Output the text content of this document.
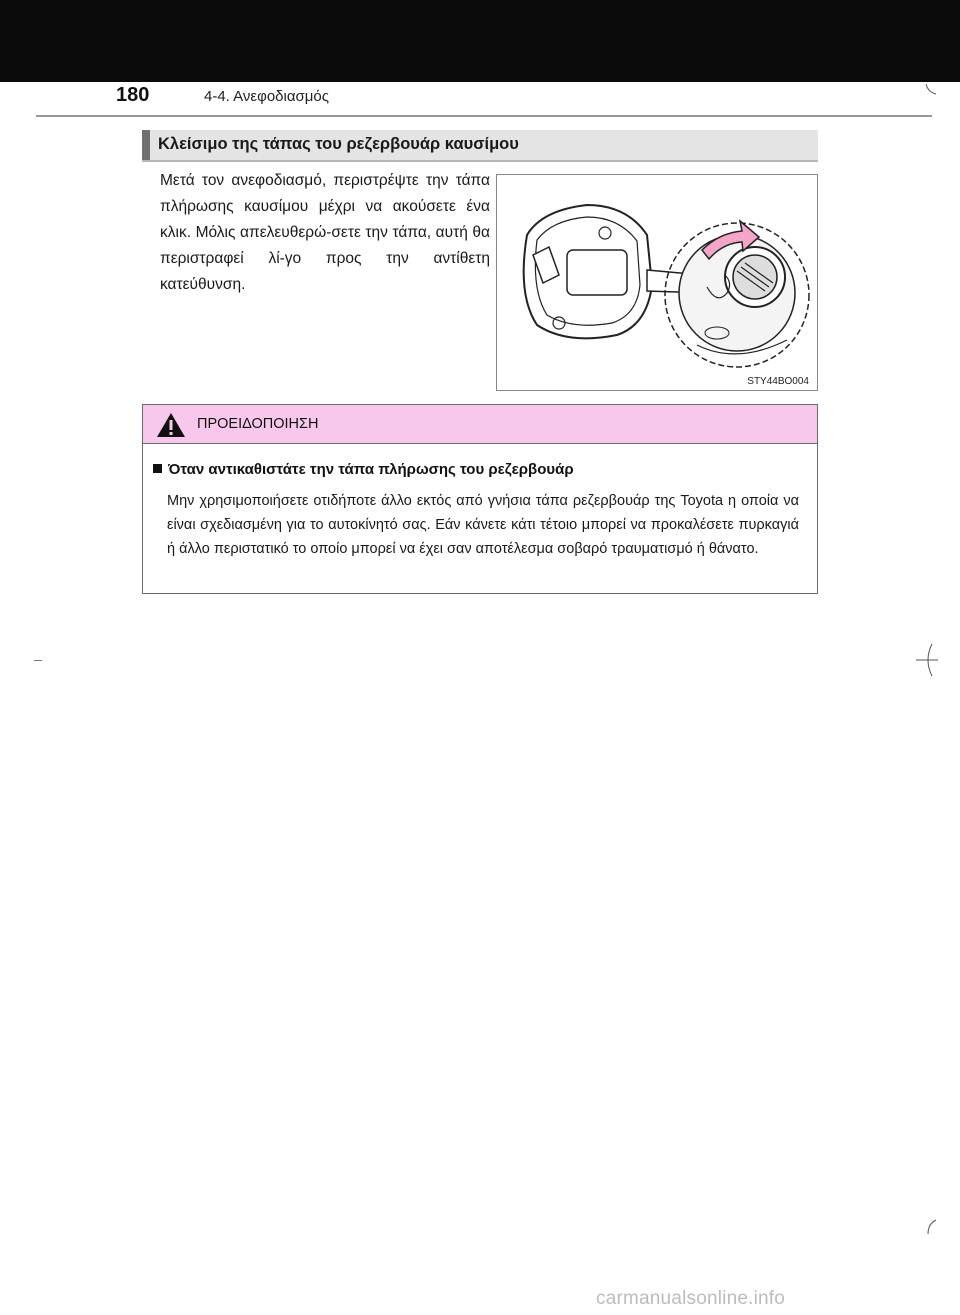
180	4-4. Ανεφοδιασμός
Κλείσιμο της τάπας του ρεζερβουάρ καυσίμου
Μετά τον ανεφοδιασμό, περιστρέψτε την τάπα πλήρωσης καυσίμου μέχρι να ακούσετε ένα κλικ. Μόλις απελευθερώ-σετε την τάπα, αυτή θα περιστραφεί λί-γο προς την αντίθετη κατεύθυνση.
STY44BO004
ΠΡΟΕΙΔΟΠΟΙΗΣΗ
Όταν αντικαθιστάτε την τάπα πλήρωσης του ρεζερβουάρ
Μην χρησιμοποιήσετε οτιδήποτε άλλο εκτός από γνήσια τάπα ρεζερβουάρ της Toyota η οποία να είναι σχεδιασμένη για το αυτοκίνητό σας. Εάν κάνετε κάτι τέτοιο μπορεί να προκαλέσετε πυρκαγιά ή άλλο περιστατικό το οποίο μπορεί να έχει σαν αποτέλεσμα σοβαρό τραυματισμό ή θάνατο.
carmanualsonline.info
